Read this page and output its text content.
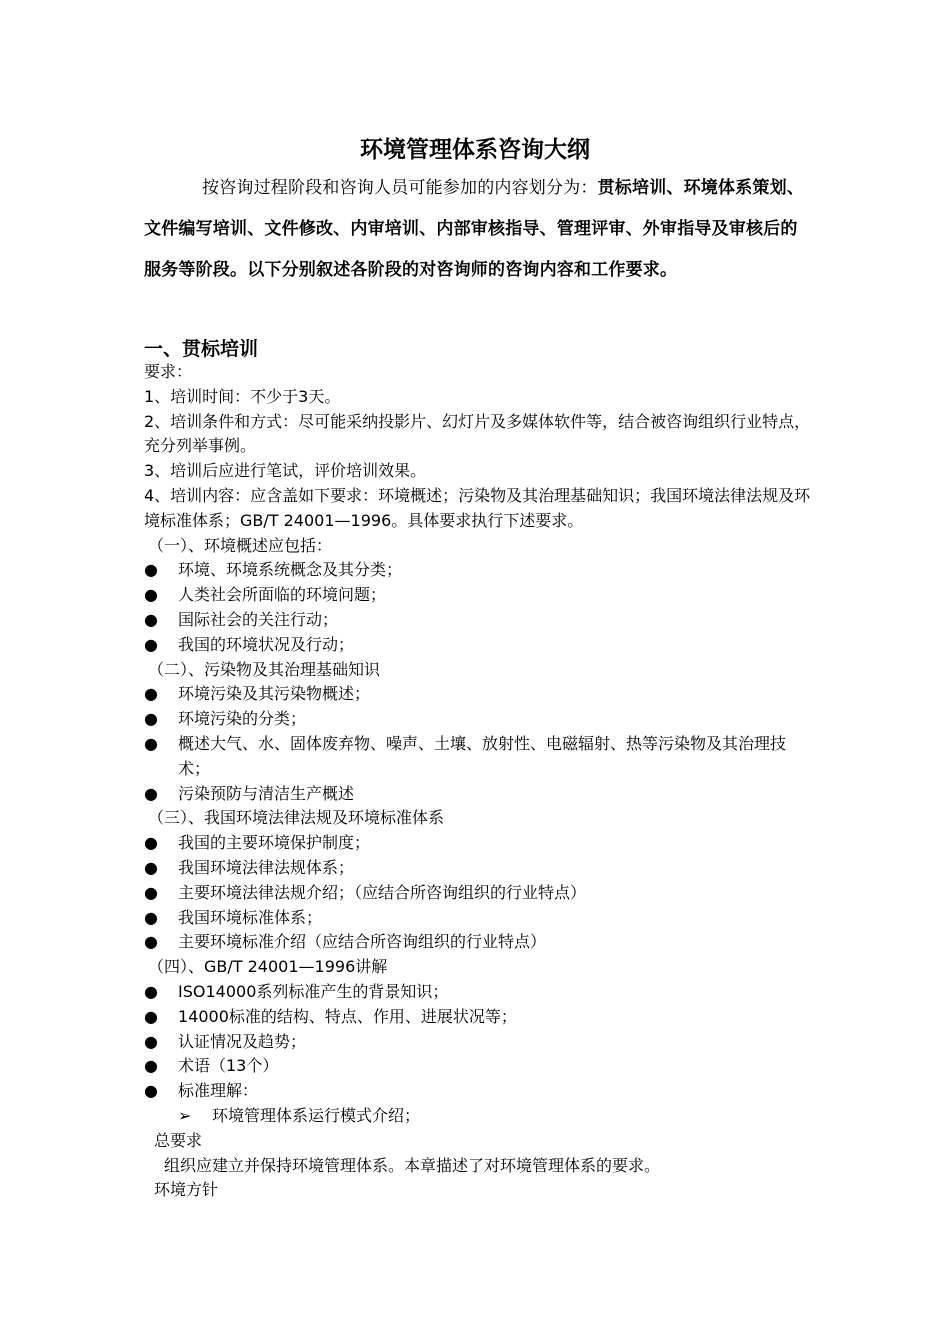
环境管理体系咨询大纲
按咨询过程阶段和咨询人员可能参加的内容划分为：贯标培训、环境体系策划、文件编写培训、文件修改、内审培训、内部审核指导、管理评审、外审指导及审核后的服务等阶段。以下分别叙述各阶段的对咨询师的咨询内容和工作要求。
一、贯标培训

要求：

1、培训时间：不少于3天。

2、培训条件和方式：尽可能采纳投影片、幻灯片及多媒体软件等，结合被咨询组织行业特点，充分列举事例。

3、培训后应进行笔试，评价培训效果。

4、培训内容：应含盖如下要求：环境概述；污染物及其治理基础知识；我国环境法律法规及环境标准体系；GB/T 24001—1996。具体要求执行下述要求。

（一）、环境概述应包括：

● 环境、环境系统概念及其分类；
● 人类社会所面临的环境问题；
● 国际社会的关注行动；
● 我国的环境状况及行动；

（二）、污染物及其治理基础知识

● 环境污染及其污染物概述；
● 环境污染的分类；
● 概述大气、水、固体废弃物、噪声、土壤、放射性、电磁辐射、热等污染物及其治理技术；
● 污染预防与清洁生产概述

（三）、我国环境法律法规及环境标准体系

● 我国的主要环境保护制度；
● 我国环境法律法规体系；
● 主要环境法律法规介绍；（应结合所咨询组织的行业特点）
● 我国环境标准体系；
● 主要环境标准介绍（应结合所咨询组织的行业特点）

（四）、GB/T 24001—1996讲解

● ISO14000系列标准产生的背景知识；
● 14000标准的结构、特点、作用、进展状况等；
● 认证情况及趋势；
● 术语（13个）
● 标准理解：

➢ 环境管理体系运行模式介绍；

总要求

组织应建立并保持环境管理体系。本章描述了对环境管理体系的要求。

环境方针
